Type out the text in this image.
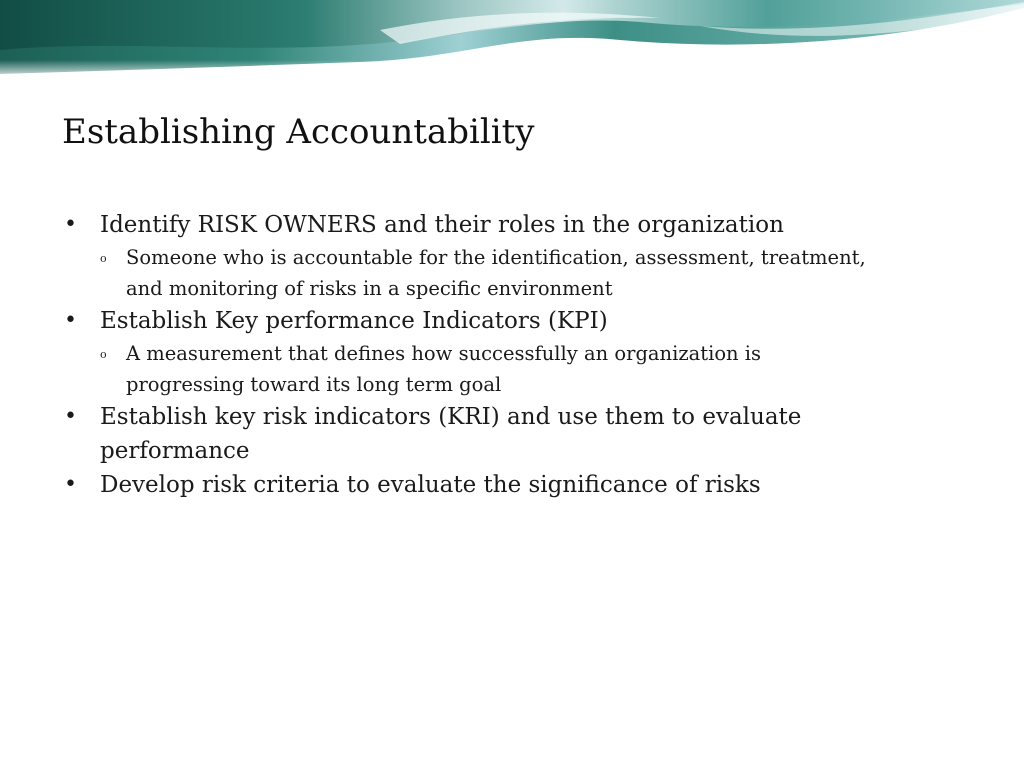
Establishing Accountability
• Identify RISK OWNERS and their roles in the organization
o Someone who is accountable for the identification, assessment, treatment, and monitoring of risks in a specific environment
• Establish Key performance Indicators (KPI)
o A measurement that defines how successfully an organization is progressing toward its long term goal
• Establish key risk indicators (KRI) and use them to evaluate performance
• Develop risk criteria to evaluate the significance of risks
